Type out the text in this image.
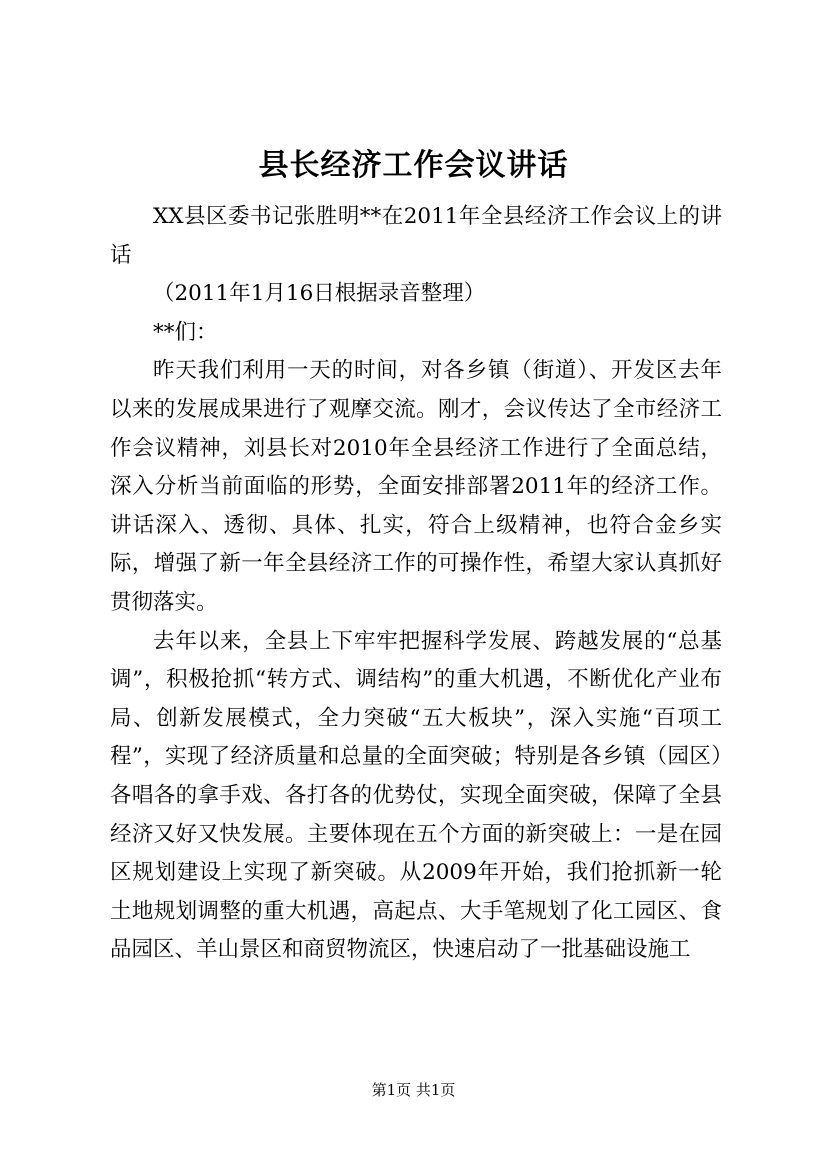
县长经济工作会议讲话

XX县区委书记张胜明**在2011年全县经济工作会议上的讲话

（2011年1月16日根据录音整理）

**们：

昨天我们利用一天的时间，对各乡镇（街道）、开发区去年以来的发展成果进行了观摩交流。刚才，会议传达了全市经济工作会议精神，刘县长对2010年全县经济工作进行了全面总结，深入分析当前面临的形势，全面安排部署2011年的经济工作。讲话深入、透彻、具体、扎实，符合上级精神，也符合金乡实际，增强了新一年全县经济工作的可操作性，希望大家认真抓好贯彻落实。

去年以来，全县上下牢牢把握科学发展、跨越发展的“总基调”，积极抢抓“转方式、调结构”的重大机遇，不断优化产业布局、创新发展模式，全力突破“五大板块”，深入实施“百项工程”，实现了经济质量和总量的全面突破；特别是各乡镇（园区）各唱各的拿手戏、各打各的优势仗，实现全面突破，保障了全县经济又好又快发展。主要体现在五个方面的新突破上：一是在园区规划建设上实现了新突破。从2009年开始，我们抢抓新一轮土地规划调整的重大机遇，高起点、大手笔规划了化工园区、食品园区、羊山景区和商贸物流区，快速启动了一批基础设施工

第1页 共1页
